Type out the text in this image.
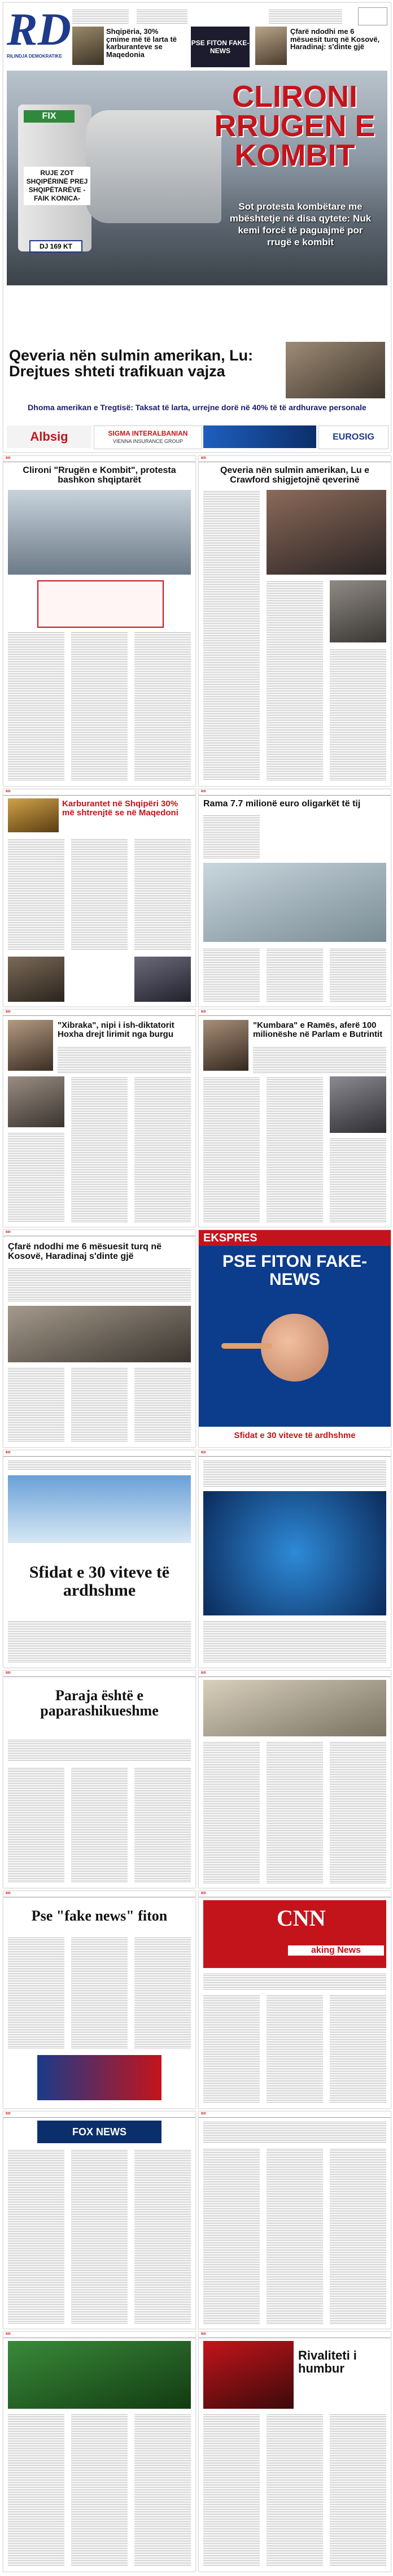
RD
RILINDJA DEMOKRATIKE
Shqipëria, 30% çmime më të larta të karburanteve se Maqedonia
PSE FITON FAKE-NEWS
Çfarë ndodhi me 6 mësuesit turq në Kosovë, Haradinaj: s'dinte gjë
FIX
RUJE ZOT SHQIPËRINË PREJ SHQIPËTARËVE -FAIK KONICA-
DJ 169 KT
CLIRONI RRUGEN E KOMBIT
Sot protesta kombëtare me mbështetje në disa qytete: Nuk kemi forcë të paguajmë por rrugë e kombit
Qeveria nën sulmin amerikan, Lu: Drejtues shteti trafikuan vajza
Dhoma amerikan e Tregtisë: Taksat të larta, urrejne dorë në 40% të të ardhurave personale
Albsig	SIGMA INTERALBANIAN
VIENNA INSURANCE GROUP	EUROSIG
RD
Clironi "Rrugën e Kombit", protesta bashkon shqiptarët
RD
Qeveria nën sulmin amerikan, Lu e Crawford shigjetojnë qeverinë
RD
Karburantet në Shqipëri 30% më shtrenjtë se në Maqedoni
RD
Rama 7.7 milionë euro oligarkët të tij
RD
"Xibraka", nipi i ish-diktatorit Hoxha drejt lirimit nga burgu
RD
"Kumbara" e Ramës, aferë 100 milionëshe në Parlam e Butrintit
RD
Çfarë ndodhi me 6 mësuesit turq në Kosovë, Haradinaj s'dinte gjë
EKSPRES
PSE FITON FAKE-NEWS
Sfidat e 30 viteve të ardhshme
RD
Sfidat e 30 viteve të ardhshme
RD
RD
Paraja është e paparashikueshme
RD
RD
Pse "fake news" fiton
RD
CNN
aking News
RD
FOX NEWS
RD
RD	RD
Rivaliteti i humbur
